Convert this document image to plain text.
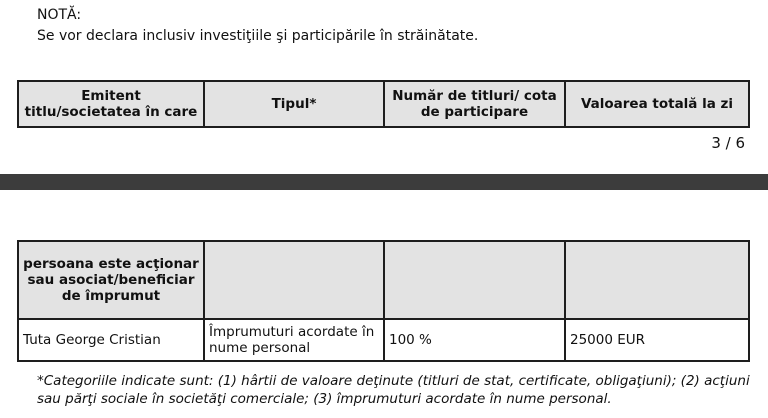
NOTĂ:
Se vor declara inclusiv investiţiile şi participările în străinătate.
Emitent titlu/societatea în care	Tipul*	Număr de titluri/ cota de participare	Valoarea totală la zi
3 / 6
persoana este acţionar sau asociat/beneficiar de împrumut			
Tuta George Cristian	Împrumuturi acordate în nume personal	100 %	25000 EUR
*Categoriile indicate sunt: (1) hârtii de valoare deţinute (titluri de stat, certificate, obligaţiuni); (2) acţiuni sau părţi sociale în societăţi comerciale; (3) împrumuturi acordate în nume personal.
